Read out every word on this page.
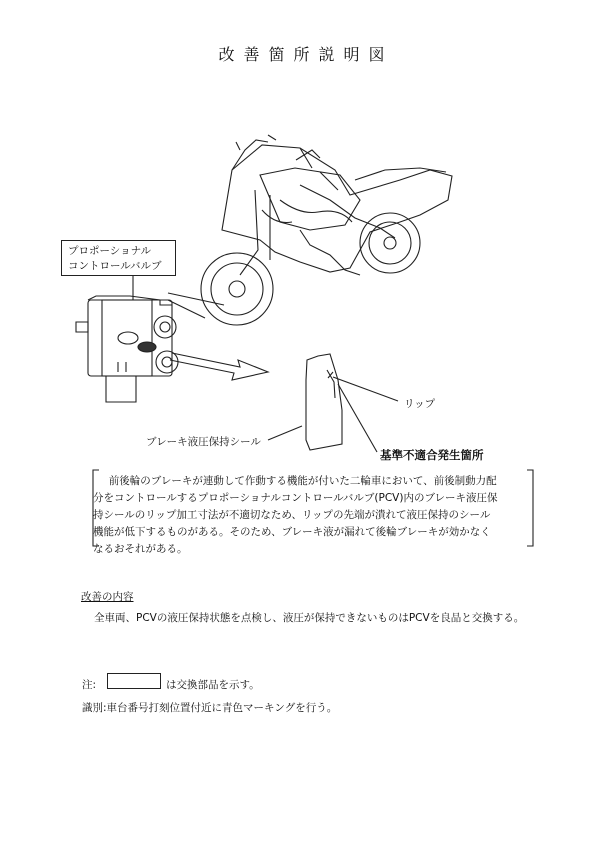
改善箇所説明図
プロポーショナル
コントロールバルブ
リップ
ブレーキ液圧保持シール
基準不適合発生箇所

前後輪のブレーキが連動して作動する機能が付いた二輪車において、前後制動力配

分をコントロールするプロポーショナルコントロールバルブ(PCV)内のブレーキ液圧保

持シールのリップ加工寸法が不適切なため、リップの先端が潰れて液圧保持のシール

機能が低下するものがある。そのため、ブレーキ液が漏れて後輪ブレーキが効かなく

なるおそれがある。

改善の内容
全車両、PCVの液圧保持状態を点検し、液圧が保持できないものはPCVを良品と交換する。
注:	は交換部品を示す。
識別:車台番号打刻位置付近に青色マーキングを行う。
